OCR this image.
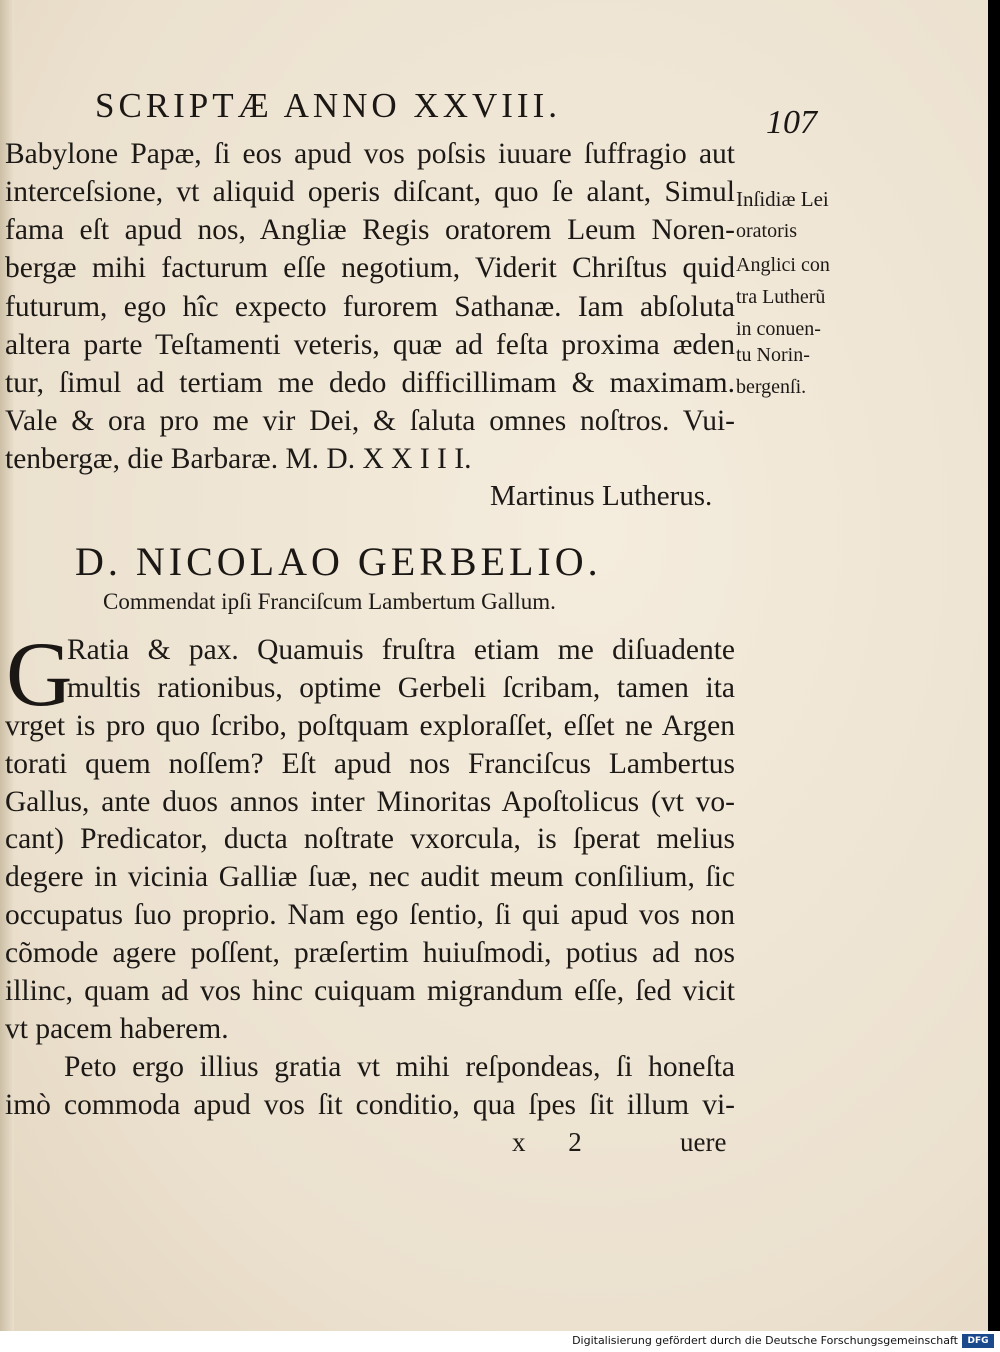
SCRIPTÆ ANNO XXVIII.	107
Babylone Papæ, ſi eos apud vos poſsis iuuare ſuffragio aut
interceſsione, vt aliquid operis diſcant, quo ſe alant, Simul
fama eſt apud nos, Angliæ Regis oratorem Leum Noren-
bergæ mihi facturum eſſe negotium, Viderit Chriſtus quid
futurum, ego hîc expecto furorem Sathanæ. Iam abſoluta
altera parte Teſtamenti veteris, quæ ad feſta proxima æden
tur, ſimul ad tertiam me dedo difficillimam & maximam.
Vale & ora pro me vir Dei, & ſaluta omnes noſtros. Vui-
tenbergæ, die Barbaræ. M. D. X X I I I.
Martinus Lutherus.
Inſidiæ Lei
oratoris
Anglici con
tra Lutherũ
in conuen-
tu Norin-
bergenſi.
D. NICOLAO GERBELIO.
Commendat ipſi Franciſcum Lambertum Gallum.
G
Ratia & pax. Quamuis fruſtra etiam me diſuadente
multis rationibus, optime Gerbeli ſcribam, tamen ita
vrget is pro quo ſcribo, poſtquam exploraſſet, eſſet ne Argen
torati quem noſſem? Eſt apud nos Franciſcus Lambertus
Gallus, ante duos annos inter Minoritas Apoſtolicus (vt vo-
cant) Predicator, ducta noſtrate vxorcula, is ſperat melius
degere in vicinia Galliæ ſuæ, nec audit meum conſilium, ſic
occupatus ſuo proprio. Nam ego ſentio, ſi qui apud vos non
cõmode agere poſſent, præſertim huiuſmodi, potius ad nos
illinc, quam ad vos hinc cuiquam migrandum eſſe, ſed vicit
vt pacem haberem.
Peto ergo illius gratia vt mihi reſpondeas, ſi honeſta
imò commoda apud vos ſit conditio, qua ſpes ſit illum vi-
x 2	uere
Digitalisierung gefördert durch die Deutsche Forschungsgemeinschaft	DFG
